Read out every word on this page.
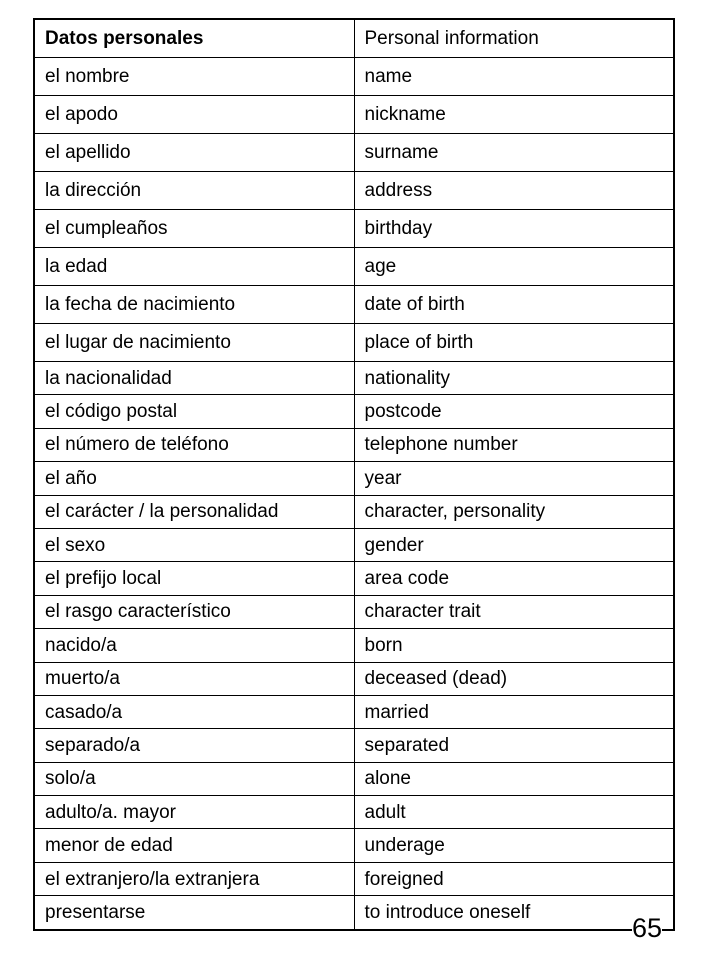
Datos personales	Personal information
el nombre	name
el apodo	nickname
el apellido	surname
la dirección	address
el cumpleaños	birthday
la edad	age
la fecha de nacimiento	date of birth
el lugar de nacimiento	place of birth
la nacionalidad	nationality
el código postal	postcode
el número de teléfono	telephone number
el año	year
el carácter / la personalidad	character, personality
el sexo	gender
el prefijo local	area code
el rasgo característico	character trait
nacido/a	born
muerto/a	deceased (dead)
casado/a	married
separado/a	separated
solo/a	alone
adulto/a. mayor	adult
menor de edad	underage
el extranjero/la extranjera	foreigned
presentarse	to introduce oneself
65
